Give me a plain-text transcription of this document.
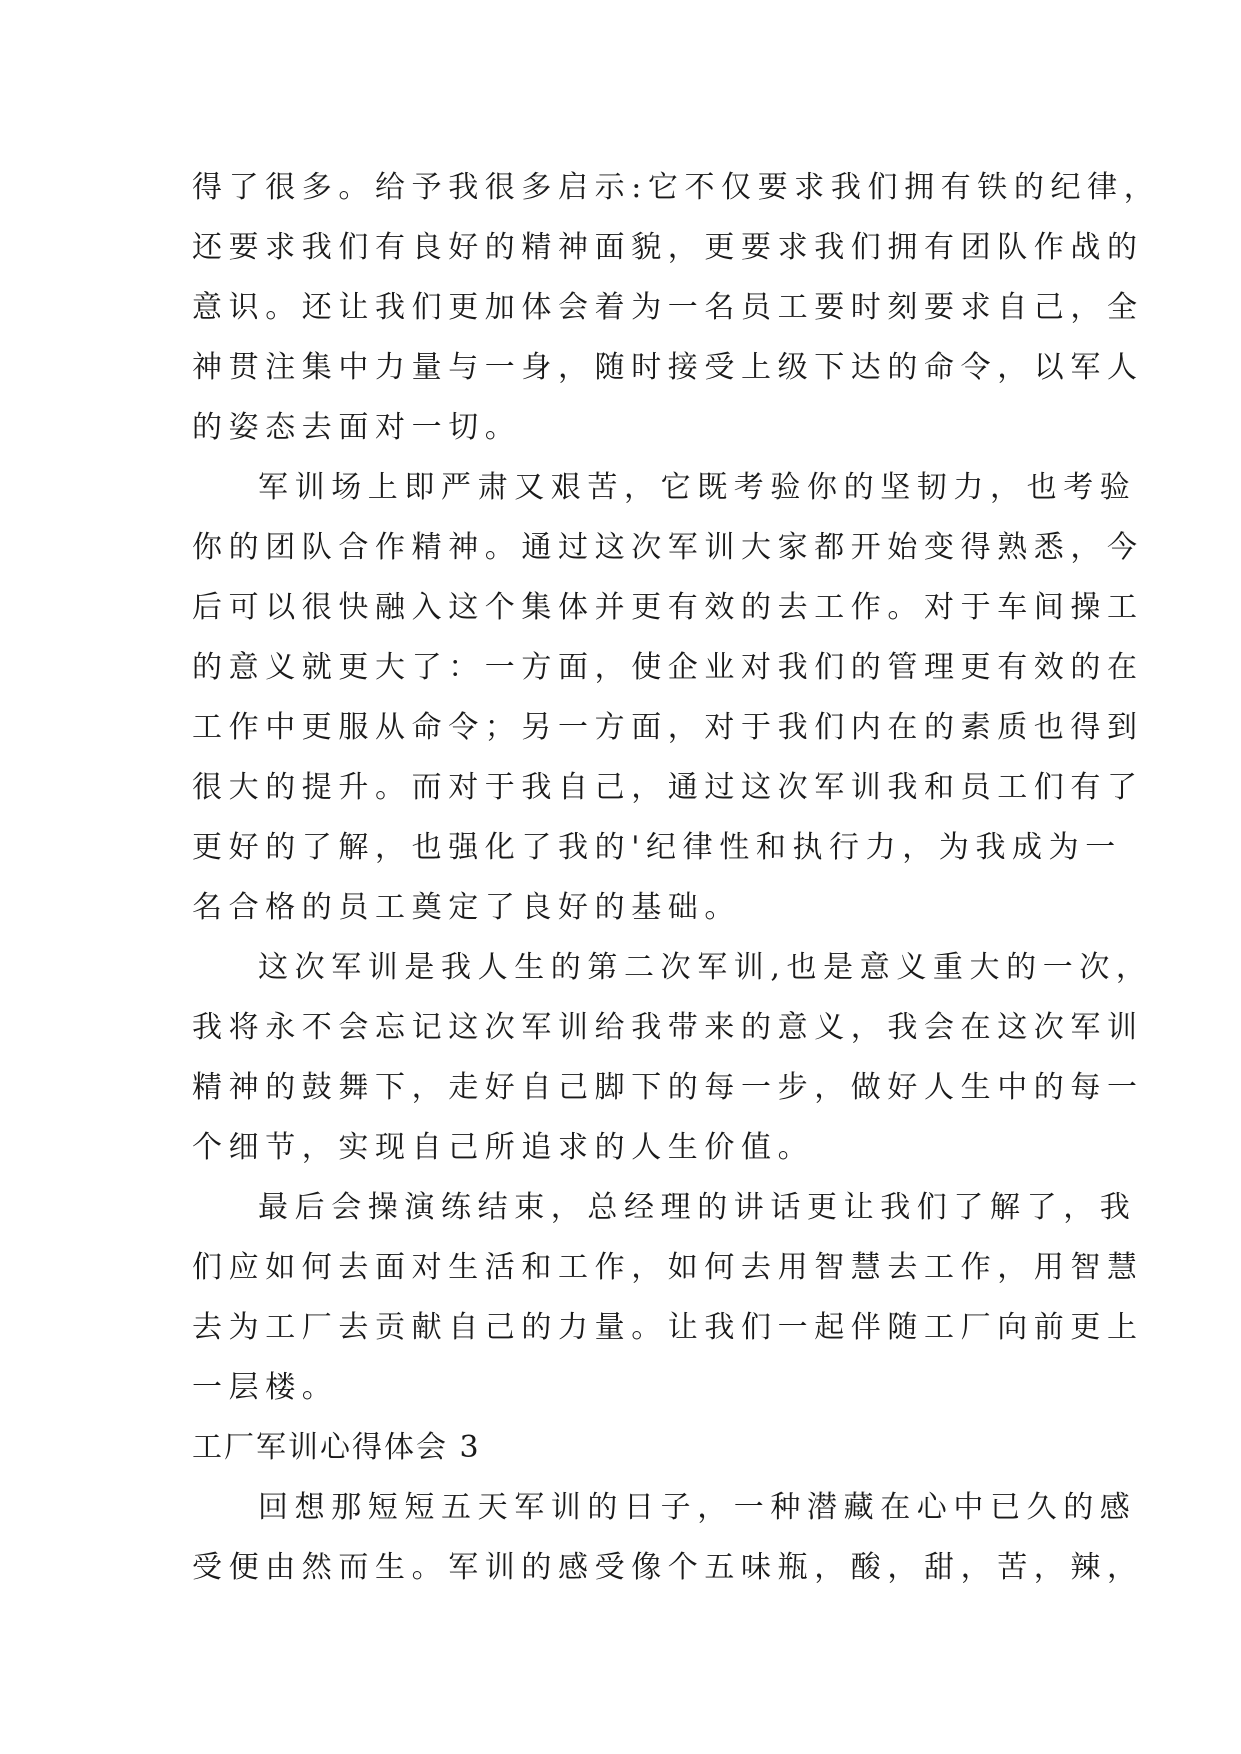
得了很多。给予我很多启示:它不仅要求我们拥有铁的纪律，
还要求我们有良好的精神面貌，更要求我们拥有团队作战的
意识。还让我们更加体会着为一名员工要时刻要求自己，全
神贯注集中力量与一身，随时接受上级下达的命令，以军人
的姿态去面对一切。
军训场上即严肃又艰苦，它既考验你的坚韧力，也考验
你的团队合作精神。通过这次军训大家都开始变得熟悉，今
后可以很快融入这个集体并更有效的去工作。对于车间操工
的意义就更大了：一方面，使企业对我们的管理更有效的在
工作中更服从命令；另一方面，对于我们内在的素质也得到
很大的提升。而对于我自己，通过这次军训我和员工们有了
更好的了解，也强化了我的'纪律性和执行力，为我成为一
名合格的员工奠定了良好的基础。
这次军训是我人生的第二次军训,也是意义重大的一次，
我将永不会忘记这次军训给我带来的意义，我会在这次军训
精神的鼓舞下，走好自己脚下的每一步，做好人生中的每一
个细节，实现自己所追求的人生价值。
最后会操演练结束，总经理的讲话更让我们了解了，我
们应如何去面对生活和工作，如何去用智慧去工作，用智慧
去为工厂去贡献自己的力量。让我们一起伴随工厂向前更上
一层楼。
工厂军训心得体会 3
回想那短短五天军训的日子，一种潜藏在心中已久的感
受便由然而生。军训的感受像个五味瓶，酸，甜，苦，辣，
